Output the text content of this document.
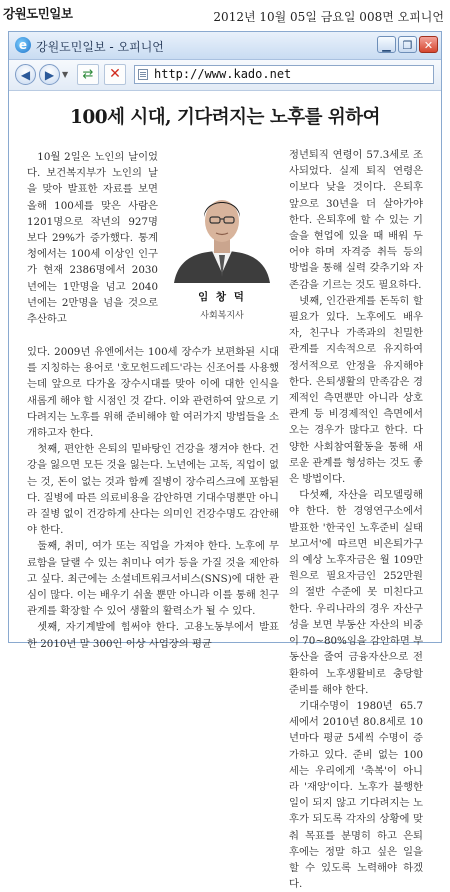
강원도민일보	2012년 10월 05일 금요일 008면 오피니언
e 강원도민일보 - 오피니언	▁	❐	✕
◀	▶ ▼	⇄	✕	http://www.kado.net
100세 시대, 기다려지는 노후를 위하여

10월 2일은 노인의 날이었다. 보건복지부가 노인의 날을 맞아 발표한 자료를 보면 올해 100세를 맞은 사람은 1201명으로 작년의 927명보다 29%가 증가했다. 통계청에서는 100세 이상인 인구가 현재 2386명에서 2030년에는 1만명을 넘고 2040년에는 2만명을 넘을 것으로 추산하고

임 창 덕
사회복지사

있다. 2009년 유엔에서는 100세 장수가 보편화된 시대를 지칭하는 용어로 '호모헌드레드'라는 신조어를 사용했는데 앞으로 다가올 장수시대를 맞아 이에 대한 인식을 새롭게 해야 할 시점인 것 같다. 이와 관련하여 앞으로 기다려지는 노후를 위해 준비해야 할 여러가지 방법들을 소개하고자 한다.

첫째, 편안한 은퇴의 밑바탕인 건강을 챙겨야 한다. 건강을 잃으면 모든 것을 잃는다. 노년에는 고독, 직업이 없는 것, 돈이 없는 것과 함께 질병이 장수리스크에 포함된다. 질병에 따른 의료비용을 감안하면 기대수명뿐만 아니라 질병 없이 건강하게 산다는 의미인 건강수명도 감안해야 한다.

둘째, 취미, 여가 또는 직업을 가져야 한다. 노후에 무료함을 달랠 수 있는 취미나 여가 등을 가질 것을 제안하고 싶다. 최근에는 소셜네트워크서비스(SNS)에 대한 관심이 많다. 이는 배우기 쉬울 뿐만 아니라 이를 통해 친구관계를 확장할 수 있어 생활의 활력소가 될 수 있다.

셋째, 자기계발에 힘써야 한다. 고용노동부에서 발표한 2010년 말 300인 이상 사업장의 평균

정년퇴직 연령이 57.3세로 조사되었다. 실제 퇴직 연령은 이보다 낮을 것이다. 은퇴후 앞으로 30년을 더 살아가야 한다. 은퇴후에 할 수 있는 기술을 현업에 있을 때 배워 두어야 하며 자격증 취득 등의 방법을 통해 실력 갖추기와 자존감을 기르는 것도 필요하다.

넷째, 인간관계를 돈독히 할 필요가 있다. 노후에도 배우자, 친구나 가족과의 친밀한 관계를 지속적으로 유지하여 정서적으로 안정을 유지해야 한다. 은퇴생활의 만족감은 경제적인 측면뿐만 아니라 상호관계 등 비경제적인 측면에서 오는 경우가 많다고 한다. 다양한 사회참여활동을 통해 새로운 관계를 형성하는 것도 좋은 방법이다.

다섯째, 자산을 리모델링해야 한다. 한 경영연구소에서 발표한 '한국인 노후준비 실태 보고서'에 따르면 비은퇴가구의 예상 노후자금은 월 109만원으로 필요자금인 252만원의 절반 수준에 못 미친다고 한다. 우리나라의 경우 자산구성을 보면 부동산 자산의 비중이 70~80%임을 감안하면 부동산을 줄여 금융자산으로 전환하여 노후생활비로 충당할 준비를 해야 한다.

기대수명이 1980년 65.7세에서 2010년 80.8세로 10년마다 평균 5세씩 수명이 증가하고 있다. 준비 없는 100세는 우리에게 '축복'이 아니라 '재앙'이다. 노후가 불행한 일이 되지 않고 기다려지는 노후가 되도록 각자의 상황에 맞춰 목표를 분명히 하고 은퇴 후에는 정말 하고 싶은 일을 할 수 있도록 노력해야 하겠다.
